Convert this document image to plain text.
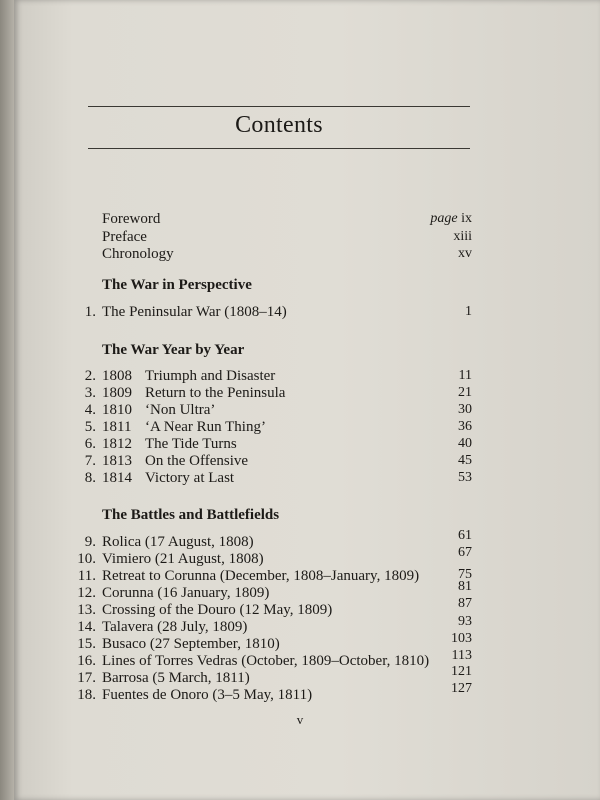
Contents
Foreword	page ix
Preface	xiii
Chronology	xv
The War in Perspective
1. The Peninsular War (1808–14)	1
The War Year by Year
2. 1808 Triumph and Disaster	11
3. 1809 Return to the Peninsula	21
4. 1810 ‘Non Ultra’	30
5. 1811 ‘A Near Run Thing’	36
6. 1812 The Tide Turns	40
7. 1813 On the Offensive	45
8. 1814 Victory at Last	53
The Battles and Battlefields
9. Rolica (17 August, 1808)	61
10. Vimiero (21 August, 1808)	67
11. Retreat to Corunna (December, 1808–January, 1809)	75
12. Corunna (16 January, 1809)	81
13. Crossing of the Douro (12 May, 1809)	87
14. Talavera (28 July, 1809)	93
15. Busaco (27 September, 1810)	103
16. Lines of Torres Vedras (October, 1809–October, 1810) 113
17. Barrosa (5 March, 1811)	121
18. Fuentes de Onoro (3–5 May, 1811)	127
v
